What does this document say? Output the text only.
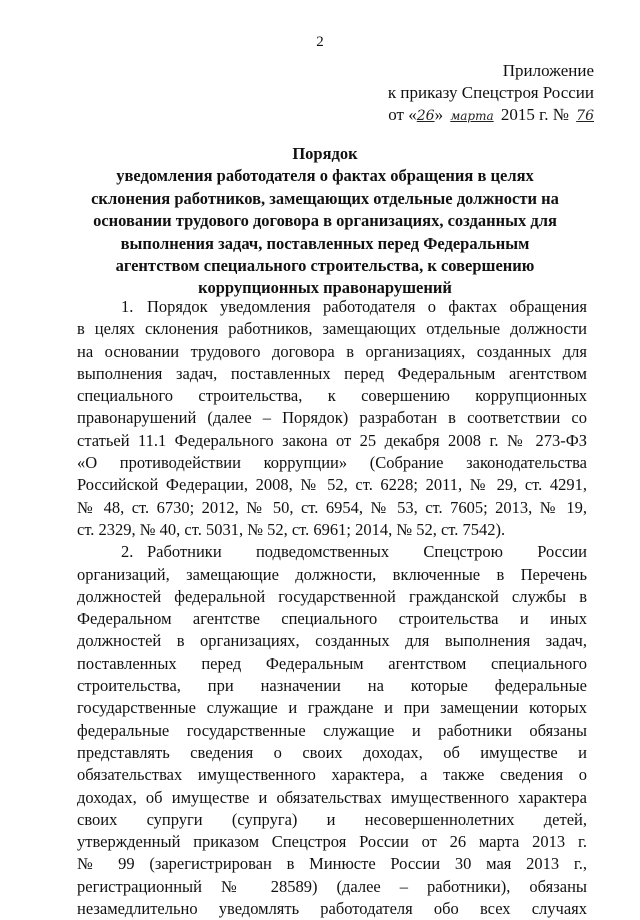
2
Приложение
к приказу Спецстроя России
от «26» марта 2015 г. № 76
Порядок
уведомления работодателя о фактах обращения в целях
склонения работников, замещающих отдельные должности на
основании трудового договора в организациях, созданных для
выполнения задач, поставленных перед Федеральным
агентством специального строительства, к совершению
коррупционных правонарушений
1. Порядок уведомления работодателя о фактах обращения
в целях склонения работников, замещающих отдельные должности
на основании трудового договора в организациях, созданных для
выполнения задач, поставленных перед Федеральным агентством
специального строительства, к совершению коррупционных
правонарушений (далее – Порядок) разработан в соответствии со
статьей 11.1 Федерального закона от 25 декабря 2008 г. № 273-ФЗ
«О противодействии коррупции» (Собрание законодательства
Российской Федерации, 2008, № 52, ст. 6228; 2011, № 29, ст. 4291,
№ 48, ст. 6730; 2012, № 50, ст. 6954, № 53, ст. 7605; 2013, № 19,
ст. 2329, № 40, ст. 5031, № 52, ст. 6961; 2014, № 52, ст. 7542).
2. Работники подведомственных Спецстрою России
организаций, замещающие должности, включенные в Перечень
должностей федеральной государственной гражданской службы в
Федеральном агентстве специального строительства и иных
должностей в организациях, созданных для выполнения задач,
поставленных перед Федеральным агентством специального
строительства, при назначении на которые федеральные
государственные служащие и граждане и при замещении которых
федеральные государственные служащие и работники обязаны
представлять сведения о своих доходах, об имуществе и
обязательствах имущественного характера, а также сведения о
доходах, об имуществе и обязательствах имущественного характера
своих супруги (супруга) и несовершеннолетних детей,
утвержденный приказом Спецстроя России от 26 марта 2013 г.
№ 99 (зарегистрирован в Минюсте России 30 мая 2013 г.,
регистрационный № 28589) (далее – работники), обязаны
незамедлительно уведомлять работодателя обо всех случаях
